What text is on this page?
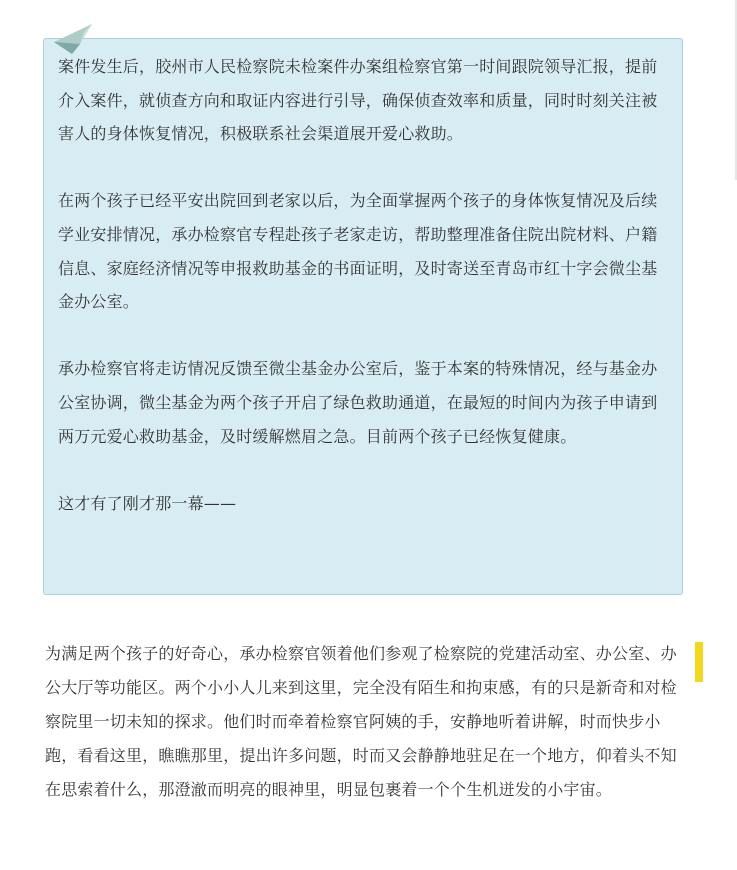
案件发生后，胶州市人民检察院未检案件办案组检察官第一时间跟院领导汇报，提前介入案件，就侦查方向和取证内容进行引导，确保侦查效率和质量，同时时刻关注被害人的身体恢复情况，积极联系社会渠道展开爱心救助。

在两个孩子已经平安出院回到老家以后，为全面掌握两个孩子的身体恢复情况及后续学业安排情况，承办检察官专程赴孩子老家走访，帮助整理准备住院出院材料、户籍信息、家庭经济情况等申报救助基金的书面证明，及时寄送至青岛市红十字会微尘基金办公室。

承办检察官将走访情况反馈至微尘基金办公室后，鉴于本案的特殊情况，经与基金办公室协调，微尘基金为两个孩子开启了绿色救助通道，在最短的时间内为孩子申请到两万元爱心救助基金，及时缓解燃眉之急。目前两个孩子已经恢复健康。

这才有了刚才那一幕——

为满足两个孩子的好奇心，承办检察官领着他们参观了检察院的党建活动室、办公室、办公大厅等功能区。两个小小人儿来到这里，完全没有陌生和拘束感，有的只是新奇和对检察院里一切未知的探求。他们时而牵着检察官阿姨的手，安静地听着讲解，时而快步小跑，看看这里，瞧瞧那里，提出许多问题，时而又会静静地驻足在一个地方，仰着头不知在思索着什么，那澄澈而明亮的眼神里，明显包裹着一个个生机迸发的小宇宙。
